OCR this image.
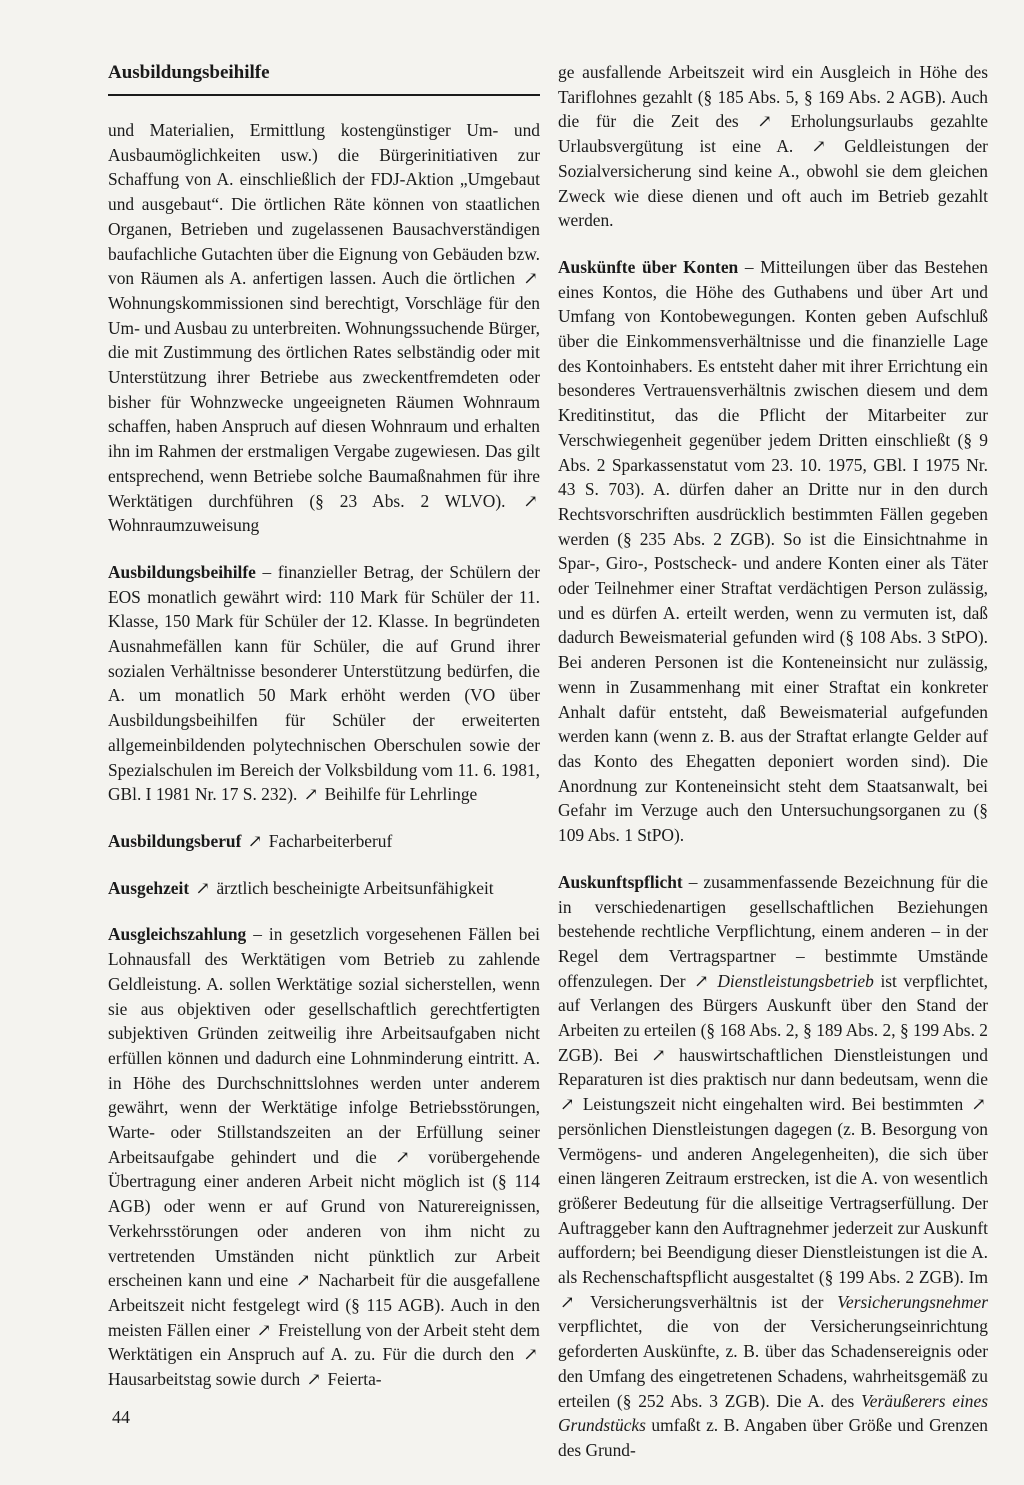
Ausbildungsbeihilfe

und Materialien, Ermittlung kostengünstiger Um- und Ausbaumöglichkeiten usw.) die Bürgerinitiativen zur Schaffung von A. einschließlich der FDJ-Aktion „Umgebaut und ausgebaut“. Die örtlichen Räte können von staatlichen Organen, Betrieben und zugelassenen Bausachverständigen baufachliche Gutachten über die Eignung von Gebäuden bzw. von Räumen als A. anfertigen lassen. Auch die örtlichen ↗ Wohnungskommissionen sind berechtigt, Vorschläge für den Um- und Ausbau zu unterbreiten. Wohnungssuchende Bürger, die mit Zustimmung des örtlichen Rates selbständig oder mit Unterstützung ihrer Betriebe aus zweckentfremdeten oder bisher für Wohnzwecke ungeeigneten Räumen Wohnraum schaffen, haben Anspruch auf diesen Wohnraum und erhalten ihn im Rahmen der erstmaligen Vergabe zugewiesen. Das gilt entsprechend, wenn Betriebe solche Baumaßnahmen für ihre Werktätigen durchführen (§ 23 Abs. 2 WLVO). ↗ Wohnraumzuweisung

Ausbildungsbeihilfe – finanzieller Betrag, der Schülern der EOS monatlich gewährt wird: 110 Mark für Schüler der 11. Klasse, 150 Mark für Schüler der 12. Klasse. In begründeten Ausnahmefällen kann für Schüler, die auf Grund ihrer sozialen Verhältnisse besonderer Unterstützung bedürfen, die A. um monatlich 50 Mark erhöht werden (VO über Ausbildungsbeihilfen für Schüler der erweiterten allgemeinbildenden polytechnischen Oberschulen sowie der Spezialschulen im Bereich der Volksbildung vom 11. 6. 1981, GBl. I 1981 Nr. 17 S. 232). ↗ Beihilfe für Lehrlinge

Ausbildungsberuf ↗ Facharbeiterberuf

Ausgehzeit ↗ ärztlich bescheinigte Arbeitsunfähigkeit

Ausgleichszahlung – in gesetzlich vorgesehenen Fällen bei Lohnausfall des Werktätigen vom Betrieb zu zahlende Geldleistung. A. sollen Werktätige sozial sicherstellen, wenn sie aus objektiven oder gesellschaftlich gerechtfertigten subjektiven Gründen zeitweilig ihre Arbeitsaufgaben nicht erfüllen können und dadurch eine Lohnminderung eintritt. A. in Höhe des Durchschnittslohnes werden unter anderem gewährt, wenn der Werktätige infolge Betriebsstörungen, Warte- oder Stillstandszeiten an der Erfüllung seiner Arbeitsaufgabe gehindert und die ↗ vorübergehende Übertragung einer anderen Arbeit nicht möglich ist (§ 114 AGB) oder wenn er auf Grund von Naturereignissen, Verkehrsstörungen oder anderen von ihm nicht zu vertretenden Umständen nicht pünktlich zur Arbeit erscheinen kann und eine ↗ Nacharbeit für die ausgefallene Arbeitszeit nicht festgelegt wird (§ 115 AGB). Auch in den meisten Fällen einer ↗ Freistellung von der Arbeit steht dem Werktätigen ein Anspruch auf A. zu. Für die durch den ↗ Hausarbeitstag sowie durch ↗ Feierta-

ge ausfallende Arbeitszeit wird ein Ausgleich in Höhe des Tariflohnes gezahlt (§ 185 Abs. 5, § 169 Abs. 2 AGB). Auch die für die Zeit des ↗ Erholungsurlaubs gezahlte Urlaubsvergütung ist eine A. ↗ Geldleistungen der Sozialversicherung sind keine A., obwohl sie dem gleichen Zweck wie diese dienen und oft auch im Betrieb gezahlt werden.

Auskünfte über Konten – Mitteilungen über das Bestehen eines Kontos, die Höhe des Guthabens und über Art und Umfang von Kontobewegungen. Konten geben Aufschluß über die Einkommensverhältnisse und die finanzielle Lage des Kontoinhabers. Es entsteht daher mit ihrer Errichtung ein besonderes Vertrauensverhältnis zwischen diesem und dem Kreditinstitut, das die Pflicht der Mitarbeiter zur Verschwiegenheit gegenüber jedem Dritten einschließt (§ 9 Abs. 2 Sparkassenstatut vom 23. 10. 1975, GBl. I 1975 Nr. 43 S. 703). A. dürfen daher an Dritte nur in den durch Rechtsvorschriften ausdrücklich bestimmten Fällen gegeben werden (§ 235 Abs. 2 ZGB). So ist die Einsichtnahme in Spar-, Giro-, Postscheck- und andere Konten einer als Täter oder Teilnehmer einer Straftat verdächtigen Person zulässig, und es dürfen A. erteilt werden, wenn zu vermuten ist, daß dadurch Beweismaterial gefunden wird (§ 108 Abs. 3 StPO). Bei anderen Personen ist die Konteneinsicht nur zulässig, wenn in Zusammenhang mit einer Straftat ein konkreter Anhalt dafür entsteht, daß Beweismaterial aufgefunden werden kann (wenn z. B. aus der Straftat erlangte Gelder auf das Konto des Ehegatten deponiert worden sind). Die Anordnung zur Konteneinsicht steht dem Staatsanwalt, bei Gefahr im Verzuge auch den Untersuchungsorganen zu (§ 109 Abs. 1 StPO).

Auskunftspflicht – zusammenfassende Bezeichnung für die in verschiedenartigen gesellschaftlichen Beziehungen bestehende rechtliche Verpflichtung, einem anderen – in der Regel dem Vertragspartner – bestimmte Umstände offenzulegen. Der ↗ Dienstleistungsbetrieb ist verpflichtet, auf Verlangen des Bürgers Auskunft über den Stand der Arbeiten zu erteilen (§ 168 Abs. 2, § 189 Abs. 2, § 199 Abs. 2 ZGB). Bei ↗ hauswirtschaftlichen Dienstleistungen und Reparaturen ist dies praktisch nur dann bedeutsam, wenn die ↗ Leistungszeit nicht eingehalten wird. Bei bestimmten ↗ persönlichen Dienstleistungen dagegen (z. B. Besorgung von Vermögens- und anderen Angelegenheiten), die sich über einen längeren Zeitraum erstrecken, ist die A. von wesentlich größerer Bedeutung für die allseitige Vertragserfüllung. Der Auftraggeber kann den Auftragnehmer jederzeit zur Auskunft auffordern; bei Beendigung dieser Dienstleistungen ist die A. als Rechenschaftspflicht ausgestaltet (§ 199 Abs. 2 ZGB). Im ↗ Versicherungsverhältnis ist der Versicherungsnehmer verpflichtet, die von der Versicherungseinrichtung geforderten Auskünfte, z. B. über das Schadensereignis oder den Umfang des eingetretenen Schadens, wahrheitsgemäß zu erteilen (§ 252 Abs. 3 ZGB). Die A. des Veräußerers eines Grundstücks umfaßt z. B. Angaben über Größe und Grenzen des Grund-

44
